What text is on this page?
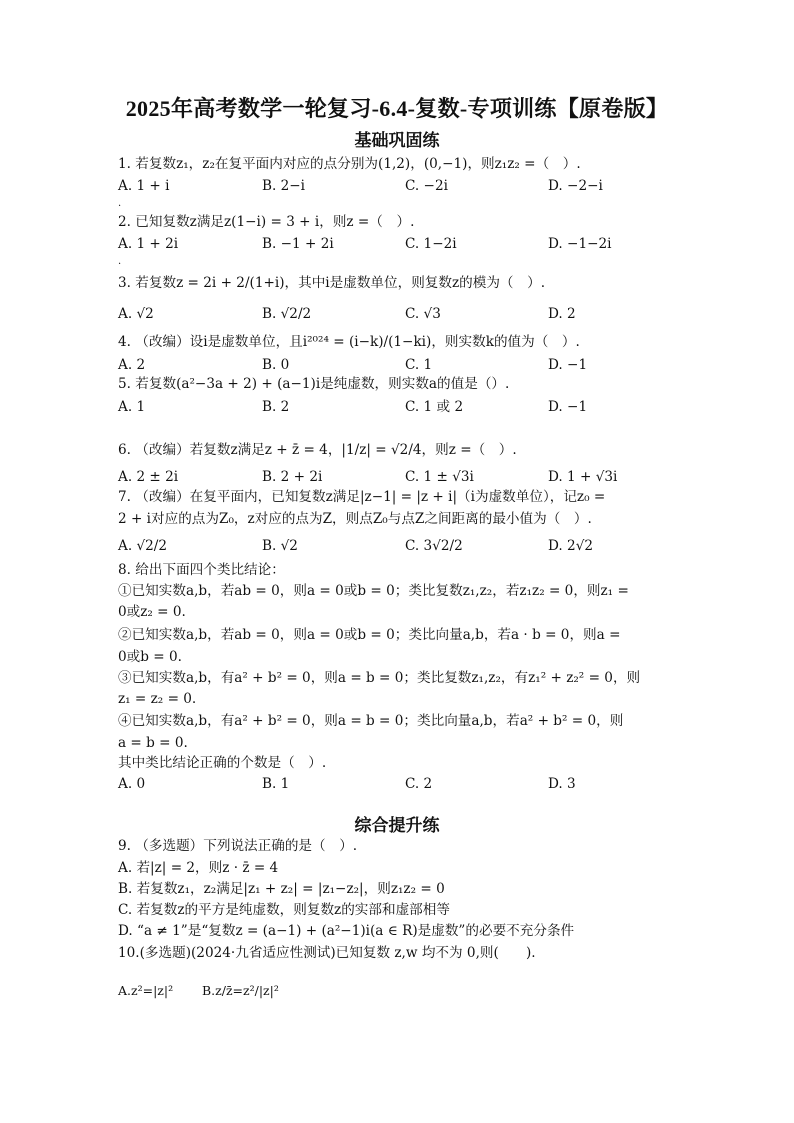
2025年高考数学一轮复习-6.4-复数-专项训练【原卷版】
基础巩固练
1. 若复数z₁，z₂在复平面内对应的点分别为(1,2)，(0,−1)，则z₁z₂ =（　）.
A. 1 + i	B. 2−i	C. −2i	D. −2−i
.
2. 已知复数z满足z(1−i) = 3 + i，则z =（　）.
A. 1 + 2i	B. −1 + 2i	C. 1−2i	D. −1−2i
.
3. 若复数z = 2i + 2/(1+i)，其中i是虚数单位，则复数z的模为（　）.
A. √2	B. √2/2	C. √3	D. 2
4. （改编）设i是虚数单位，且i²⁰²⁴ = (i−k)/(1−ki)，则实数k的值为（　）.
A. 2	B. 0	C. 1	D. −1
5. 若复数(a²−3a + 2) + (a−1)i是纯虚数，则实数a的值是（）.
A. 1	B. 2	C. 1 或 2	D. −1
6. （改编）若复数z满足z + z̄ = 4，|1/z| = √2/4，则z =（　）.
A. 2 ± 2i	B. 2 + 2i	C. 1 ± √3i	D. 1 + √3i
7. （改编）在复平面内，已知复数z满足|z−1| = |z + i|（i为虚数单位），记z₀ =
2 + i对应的点为Z₀，z对应的点为Z，则点Z₀与点Z之间距离的最小值为（　）.
A. √2/2	B. √2	C. 3√2/2	D. 2√2
8. 给出下面四个类比结论：
①已知实数a,b，若ab = 0，则a = 0或b = 0；类比复数z₁,z₂，若z₁z₂ = 0，则z₁ =
0或z₂ = 0.
②已知实数a,b，若ab = 0，则a = 0或b = 0；类比向量a,b，若a · b = 0，则a =
0或b = 0.
③已知实数a,b，有a² + b² = 0，则a = b = 0；类比复数z₁,z₂，有z₁² + z₂² = 0，则
z₁ = z₂ = 0.
④已知实数a,b，有a² + b² = 0，则a = b = 0；类比向量a,b，若a² + b² = 0，则
a = b = 0.
其中类比结论正确的个数是（　）.
A. 0	B. 1	C. 2	D. 3
综合提升练
9. （多选题）下列说法正确的是（　）.
A. 若|z| = 2，则z · z̄ = 4
B. 若复数z₁，z₂满足|z₁ + z₂| = |z₁−z₂|，则z₁z₂ = 0
C. 若复数z的平方是纯虚数，则复数z的实部和虚部相等
D. “a ≠ 1”是“复数z = (a−1) + (a²−1)i(a ∈ R)是虚数”的必要不充分条件
10.(多选题)(2024·九省适应性测试)已知复数 z,w 均不为 0,则(　　).
A.z²=|z|² B.z/z̄=z²/|z|²
